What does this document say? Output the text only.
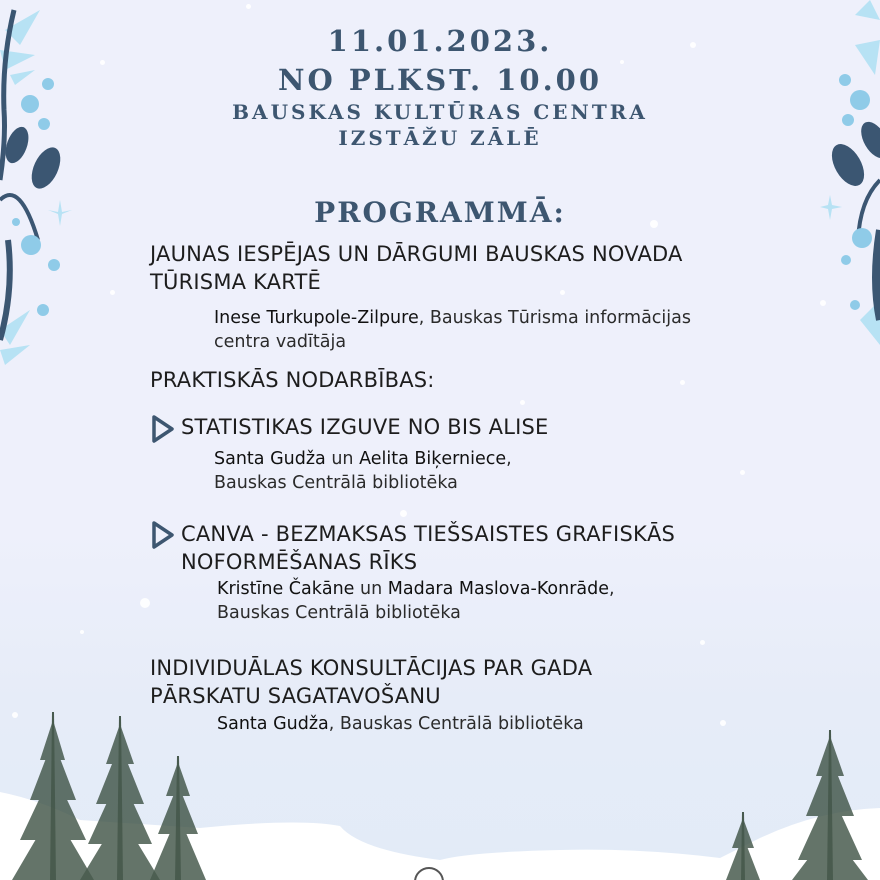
11.01.2023.
NO PLKST. 10.00
BAUSKAS KULTŪRAS CENTRA
IZSTĀŽU ZĀLĒ
PROGRAMMĀ:
JAUNAS IESPĒJAS UN DĀRGUMI BAUSKAS NOVADA
TŪRISMA KARTĒ
Inese Turkupole-Zilpure, Bauskas Tūrisma informācijas
centra vadītāja
PRAKTISKĀS NODARBĪBAS:
STATISTIKAS IZGUVE NO BIS ALISE
Santa Gudža un Aelita Biķerniece,
Bauskas Centrālā bibliotēka
CANVA - BEZMAKSAS TIEŠSAISTES GRAFISKĀS
NOFORMĒŠANAS RĪKS
Kristīne Čakāne un Madara Maslova-Konrāde,
Bauskas Centrālā bibliotēka
INDIVIDUĀLAS KONSULTĀCIJAS PAR GADA
PĀRSKATU SAGATAVOŠANU
Santa Gudža, Bauskas Centrālā bibliotēka
